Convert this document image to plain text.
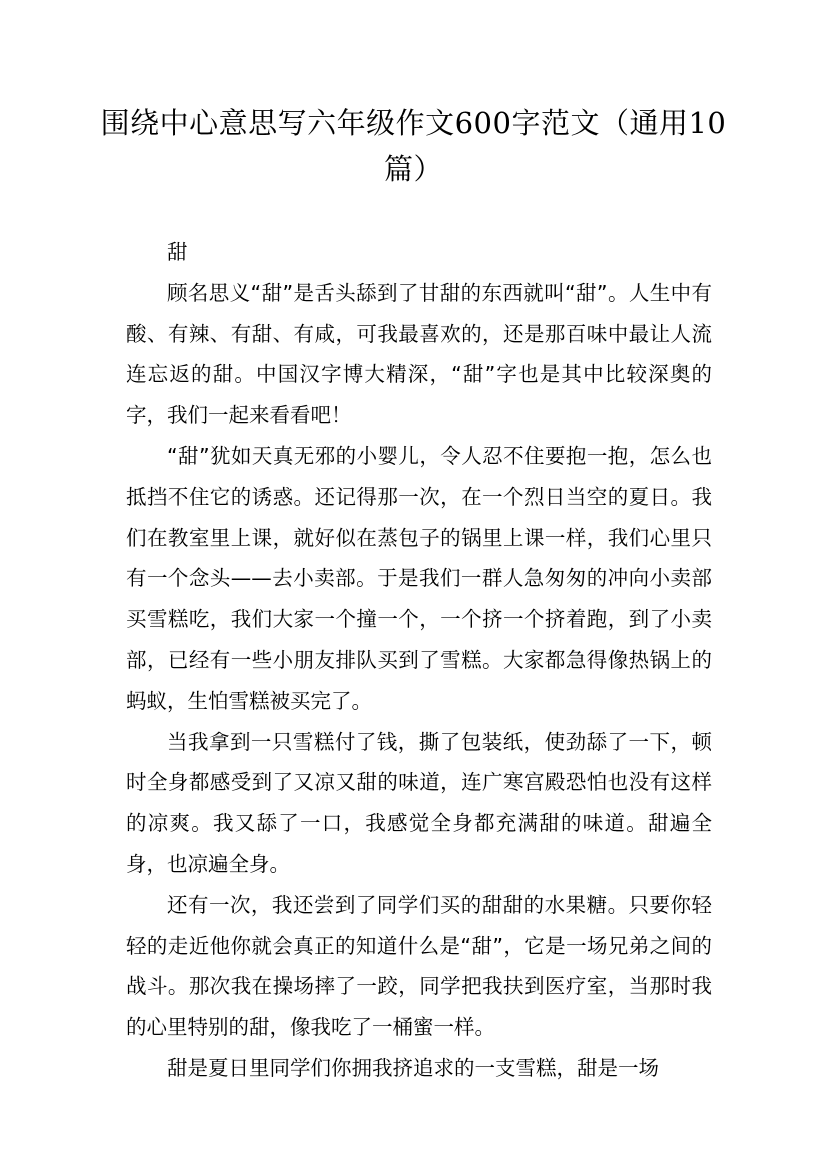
围绕中心意思写六年级作文600字范文（通用10篇）

甜

顾名思义“甜”是舌头舔到了甘甜的东西就叫“甜”。人生中有酸、有辣、有甜、有咸，可我最喜欢的，还是那百味中最让人流连忘返的甜。中国汉字博大精深，“甜”字也是其中比较深奥的字，我们一起来看看吧！

“甜”犹如天真无邪的小婴儿，令人忍不住要抱一抱，怎么也抵挡不住它的诱惑。还记得那一次，在一个烈日当空的夏日。我们在教室里上课，就好似在蒸包子的锅里上课一样，我们心里只有一个念头——去小卖部。于是我们一群人急匆匆的冲向小卖部买雪糕吃，我们大家一个撞一个，一个挤一个挤着跑，到了小卖部，已经有一些小朋友排队买到了雪糕。大家都急得像热锅上的蚂蚁，生怕雪糕被买完了。

当我拿到一只雪糕付了钱，撕了包装纸，使劲舔了一下，顿时全身都感受到了又凉又甜的味道，连广寒宫殿恐怕也没有这样的凉爽。我又舔了一口，我感觉全身都充满甜的味道。甜遍全身，也凉遍全身。

还有一次，我还尝到了同学们买的甜甜的水果糖。只要你轻轻的走近他你就会真正的知道什么是“甜”，它是一场兄弟之间的战斗。那次我在操场摔了一跤，同学把我扶到医疗室，当那时我的心里特别的甜，像我吃了一桶蜜一样。

甜是夏日里同学们你拥我挤追求的一支雪糕，甜是一场
